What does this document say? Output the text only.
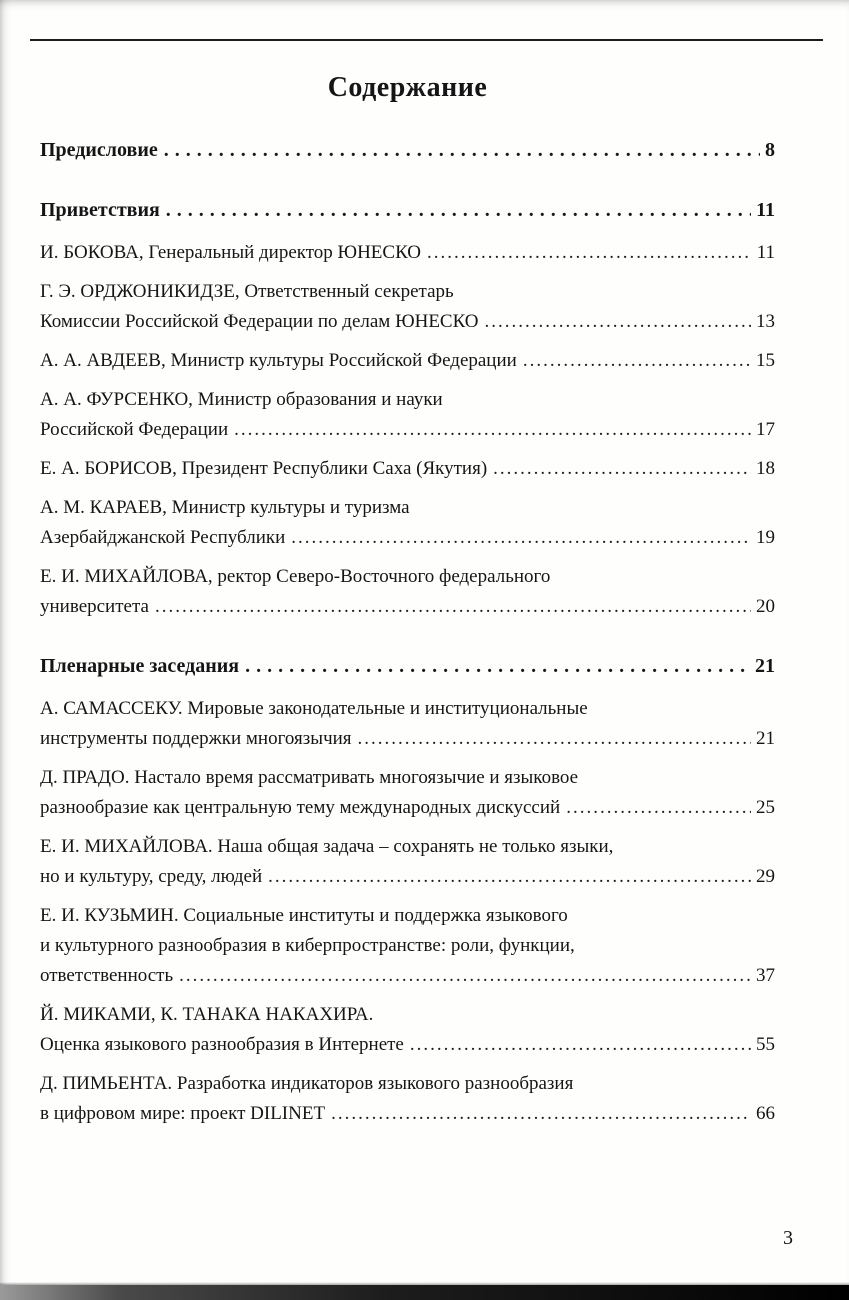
Содержание
Предисловие .....	8
Приветствия .....	11
И. БОКОВА, Генеральный директор ЮНЕСКО .....	11
Г. Э. ОРДЖОНИКИДЗЕ, Ответственный секретарь
Комиссии Российской Федерации по делам ЮНЕСКО .....	13
А. А. АВДЕЕВ, Министр культуры Российской Федерации .....	15
А. А. ФУРСЕНКО, Министр образования и науки
Российской Федерации .....	17
Е. А. БОРИСОВ, Президент Республики Саха (Якутия) .....	18
А. М. КАРАЕВ, Министр культуры и туризма
Азербайджанской Республики .....	19
Е. И. МИХАЙЛОВА, ректор Северо-Восточного федерального
университета .....	20
Пленарные заседания .....	21
А. САМАССЕКУ. Мировые законодательные и институциональные
инструменты поддержки многоязычия .....	21
Д. ПРАДО. Настало время рассматривать многоязычие и языковое
разнообразие как центральную тему международных дискуссий .....	25
Е. И. МИХАЙЛОВА. Наша общая задача – сохранять не только языки,
но и культуру, среду, людей .....	29
Е. И. КУЗЬМИН. Социальные институты и поддержка языкового
и культурного разнообразия в киберпространстве: роли, функции,
ответственность .....	37
Й. МИКАМИ, К. ТАНАКА НАКАХИРА.
Оценка языкового разнообразия в Интернете .....	55
Д. ПИМЬЕНТА. Разработка индикаторов языкового разнообразия
в цифровом мире: проект DILINET .....	66
3
